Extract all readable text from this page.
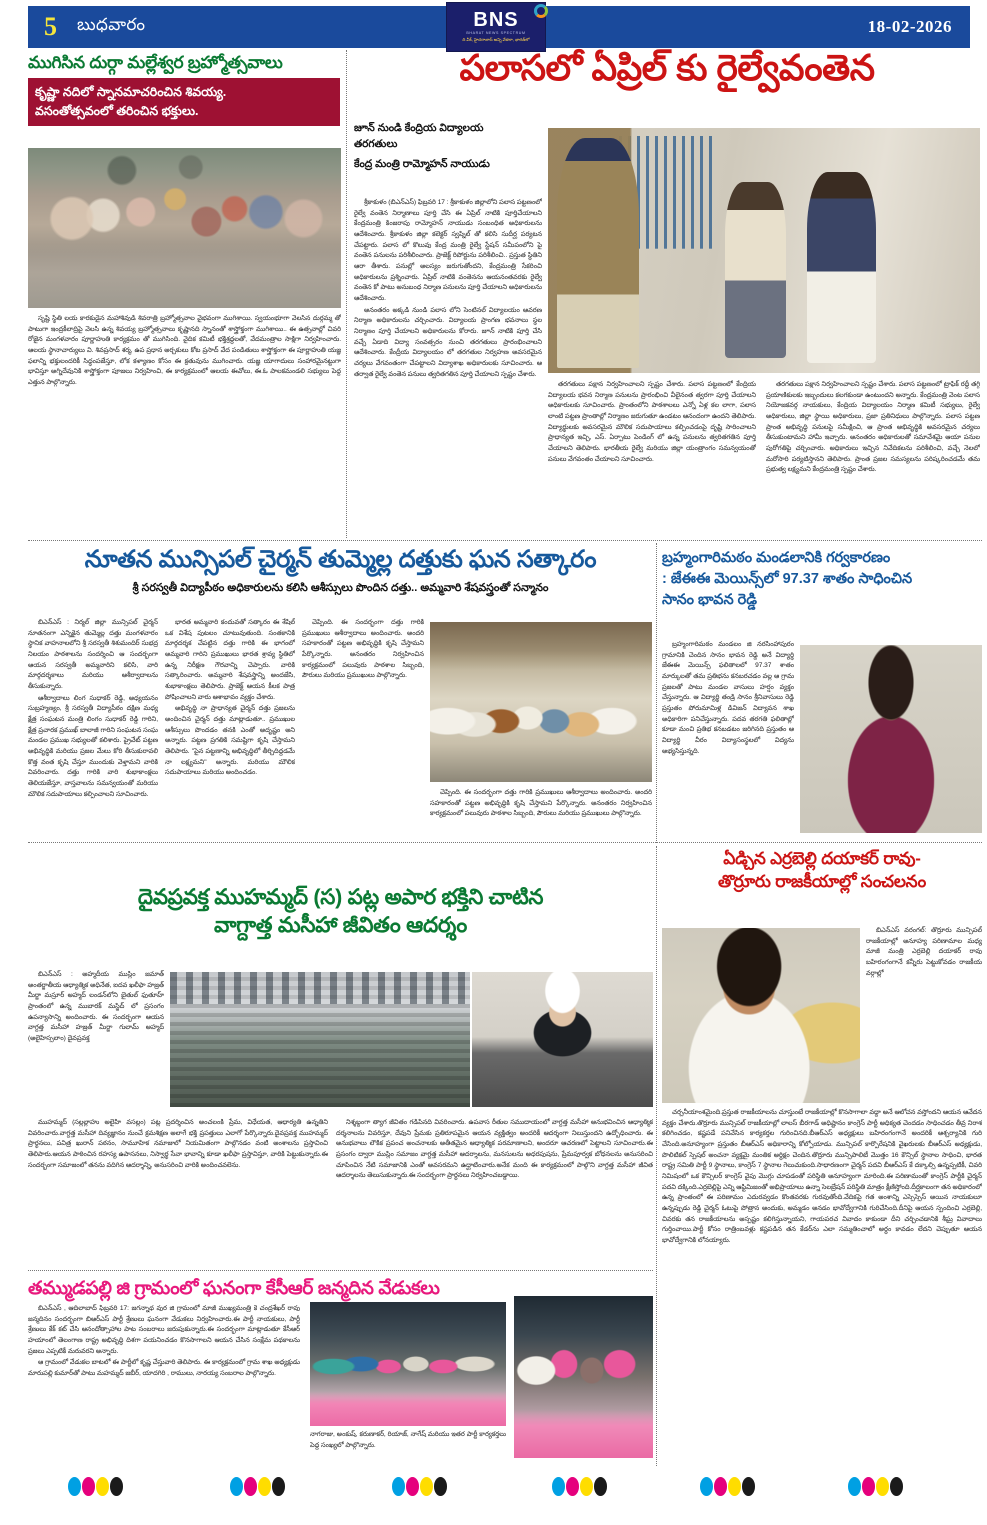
5 బుధవారం	BNS
BHARAT NEWS SPECTRUM
ది వీక్, హైదరాబాద్ అన్ని వేళలా, భారత్‌లో
18-02-2026
ముగిసిన దుర్గా మల్లేశ్వర బ్రహ్మోత్సవాలు
కృష్ణా నదిలో స్నానమాచరించిన శివయ్య.
వసంతోత్సవంలో తరించిన భక్తులు.

సృష్టి స్థితి లయ కారకుడైన మహాశివుడి శివరాత్రి బ్రహ్మోత్సవాల వైభవంగా ముగిశాయి. స్వయంభూగా వెలసిన దుర్గమ్మ తో పాటుగా ఇంద్రకీలాద్రిపై వెలసి ఉన్న శివయ్య బ్రహ్మోత్సవాలు కృష్ణానది స్నానంతో శాస్త్రోక్తంగా ముగిశాయి.. ఈ ఉత్సవాల్లో చివరి రోజైన మంగళవారం పూర్ణాహుతి కార్యక్రమం తో ముగిసింది. వైదిక కమిటీ భక్తిశ్రద్ధలతో, వేదమంత్రాల సాక్షిగా నిర్వహించారు. ఆలయ స్థానాచార్యులు వి. శివప్రసాద్ శర్మ, ఉప ప్రధాన అర్చకులు కోట ప్రసాద్ వేద పండితులు శాస్త్రోక్తంగా ఈ పూర్ణాహుతి యజ్ఞ ఫలాన్ని భక్తులందరికీ సిద్ధంపజేస్తూ, లోక కళ్యాణం కోసం ఈ క్రతువును ముగించారు. యజ్ఞ యాగాదులు సంహారమైనట్టుగా భావిస్తూ అగ్నిదేవునికి శాస్త్రోక్తంగా పూజలు నిర్వహించి, ఈ కార్యక్రమంలో ఆలయ ఈవోలు, ఈ.ఓ పాలకమండలి సభ్యులు పెద్ద ఎత్తున పాల్గొన్నారు.

పలాసలో ఏప్రిల్ కు రైల్వేవంతెన
జూన్ నుండి కేంద్రియ విద్యాలయ
తరగతులు
కేంద్ర మంత్రి రామ్మోహన్ నాయుడు

శ్రీకాకుళం (బిఎన్ఎస్) ఫిబ్రవరి 17 : శ్రీకాకుళం జిల్లాలోని పలాస పట్టణంలో రైల్వే వంతెన నిర్మాణాలు పూర్తి చేసి ఈ ఏప్రిల్ నాటికి పూర్తిచేయాలని కేంద్రమంత్రి కింజరాపు రామ్మోహన్ నాయుడు సంబంధిత అధికారులను ఆదేశించారు. శ్రీకాకుళం జిల్లా కలెక్టర్ స్వప్నిల్ తో కలిసి సుదీర్ఘ పర్యటన చేపట్టారు. పలాస లో కొలువు కేంద్ర మంత్రి రైల్వే స్టేషన్ సమీపంలోని పై వంతెన పనులను పరిశీలించారు. ప్రాజెక్ట్ రిపోర్టును పరిశీలించి.. ప్రస్తుత స్థితిని ఆరా తీశారు. పనుల్లో అలస్యం జరుగుతోందని, కేంద్రమంత్రి సేకరించి అధికారులను ప్రశ్నించారు. ఏప్రిల్ నాటికి వంతెనను ఆయనంతవరకు రైల్వే వంతెన కో పాటు అనుబంధ నిర్మాణ పనులను పూర్తి చేయాలని అధికారులను ఆదేశించారు.

అనంతరం అక్కడి నుండి పలాస లోని సెంటినల్ విద్యాలయం ఆవరణ నిర్మాణ అధికారులను చర్చించారు. విద్యాలయ ప్రాంగణ భవనాలు స్థల నిర్మాణం పూర్తి చేయాలని అధికారులను కోరారు. జూన్ నాటికి పూర్తి చేసి వచ్చే ఏడాది విద్యా సంవత్సరం నుంచి తరగతులు ప్రారంభించాలని ఆదేశించారు. కేంద్రీయ విద్యాలయం లో తరగతుల నిర్వహణ అవసరమైన చర్యలు వేగవంతంగా చేపట్టాలని విద్యాశాఖ అధికారులకు సూచించారు. ఆ తర్వాత రైల్వే వంతెన పనులు త్వరితగతిన పూర్తి చేయాలని స్పష్టం చేశారు.

తరగతులు పక్షాన నిర్వహించాలని స్పష్టం చేశారు. పలాస పట్టణంలో కేంద్రియ విద్యాలయ భవన నిర్మాణ పనులను ప్రారంభించి వీలైనంత త్వరగా పూర్తి చేయాలని అధికారులకు సూచించారు. ప్రాంతంలోని పాఠశాలలు ఎన్నో ఏళ్ల కల లాగా, పలాస లాంటి పట్టణ ప్రాంతాల్లో నిర్మాణం జరుగుతూ ఉండటం ఆనందంగా ఉందని తెలిపారు. విద్యార్థులకు అవసరమైన మౌలిక సదుపాయాలు కల్పించడంపై దృష్టి సారించాలని ప్రాధాన్యత ఇచ్చి, ఎస్. ఏర్పాటు పెండింగ్ లో ఉన్న పనులను త్వరితగతిన పూర్తి చేయాలని తెలిపారు. భారతీయ రైల్వే మరియు జిల్లా యంత్రాంగం సమన్వయంతో పనులు వేగవంతం చేయాలని సూచించారు.

తరగతులు పక్షాన నిర్వహించాలని స్పష్టం చేశారు. పలాస పట్టణంలో ట్రాఫిక్ రద్దీ తగ్గి ప్రయాణికులకు ఇబ్బందులు కలగకుండా ఉంటుందని అన్నారు. కేంద్రమంత్రి వెంట పలాస నియోజకవర్గ నాయకులు, కేంద్రియ విద్యాలయం నిర్మాణ కమిటీ సభ్యులు, రైల్వే అధికారులు, జిల్లా స్థాయి అధికారులు, ప్రజా ప్రతినిధులు పాల్గొన్నారు. పలాస పట్టణ ప్రాంత అభివృద్ధి పనులపై సమీక్షించి, ఆ ప్రాంత అభివృద్ధికి అవసరమైన చర్యలు తీసుకుంటామని హామీ ఇచ్చారు. అనంతరం అధికారులతో సమావేశమై ఆయా పనుల పురోగతిపై చర్చించారు. అధికారులు ఇచ్చిన నివేదికలను పరిశీలించి, వచ్చే నెలలో మరోసారి పర్యటిస్తానని తెలిపారు. ప్రాంత ప్రజల సమస్యలను పరిష్కరించడమే తమ ప్రభుత్వ లక్ష్యమని కేంద్రమంత్రి స్పష్టం చేశారు.

నూతన మున్సిపల్ చైర్మన్ తుమ్మెల్ల దత్తుకు ఘన సత్కారం
శ్రీ సరస్వతీ విద్యాపీఠం అధికారులను కలిసి ఆశీస్సులు పొందిన దత్తు.. అమ్మవారి శేషవస్త్రంతో సన్మానం

బిఎన్ఎస్ : నిర్మల్ జిల్లా మున్సిపల్ చైర్మన్ నూతనంగా ఎన్నికైన తుమ్మెల్ల దత్తు మంగళవారం స్థానిక వాహనాలలోని శ్రీ సరస్వతీ శిశుమందిర్ సుభద్ర నిలయం పాఠశాలను సందర్శించి ఆ సందర్భంగా ఆయన సరస్వతీ అమ్మవారిని కలిసి, వారి మార్గదర్శకాలు మరియు ఆశీర్వాదాలను తీసుకున్నారు.

ఆశీర్వాదాలు లింగ సుధాకర్ రెడ్డి, అధ్యయనం సుబ్రహ్మణ్యం, శ్రీ సరస్వతీ విద్యాపీఠం దక్షిణ మధ్య క్షేత్ర సంఘటన మంత్రి లింగం సుధాకర్ రెడ్డి గారిని, క్షేత్ర ప్రచారక ప్రముఖ్ బాలాజీ గారిని సంఘటన సంఘ మండల ప్రముఖ సభ్యులతో కలిశారు. ప్రైవేట్ పట్టణ అభివృద్ధికి మరియు ప్రజల మేలు కోరి తీసుకురావలి కొత్త వంత కృషి చేస్తూ ముందుకు వెళ్తామని వారికి వివరించారు. దత్తు గారికి వారి శుభాకాంక్షలు తెలియజేస్తూ, వాస్తవాలను సమన్వయంతో మరియు మౌలిక సదుపాయాలు కల్పించాలని సూచించారు.

భారత అమ్మవారి కందువతో సత్కారం ఈ శేషిల్ ఒక విశేష పుటలం చూటువుతుంది. సంతకానికి మార్గదర్శక చేపట్టిన దత్తు గారికి ఈ భాగంలో అమ్మవారి గారిని ప్రముఖులు భారత శ్రావ్య స్థితిలో ఉన్న నిరీక్షణ గౌరవాన్ని చెప్పారు. వారికి సత్కారించారు. అమ్మవారి శేషవస్త్రాన్ని అందజేసి, శుభాకాంక్షలు తెలిపారు. ప్రాజెక్ట్ ఆయన కీలక పాత్ర పోషించాలని వారు ఆశాభావం వ్యక్తం చేశారు.

అభివృద్ధి నా ప్రాధాన్యత చైర్మన్ దత్తు ప్రజలను అందించిన చైర్మన్ దత్తు మాట్లాడుతూ.. ప్రముఖుల ఆశీస్సులు పొందడం తనకి ఎంతో అదృష్టం అని అన్నారు. పట్టణ ప్రగతికి సమష్టిగా కృషి చేస్తామని తెలిపారు. "పైన పట్టణాన్ని అభివృద్ధిలో తీర్చిదిద్దడమే నా లక్ష్యమని" అన్నారు. మరియు మౌలిక సదుపాయాలు మరియు అందించడం.

చెప్పింది. ఈ సందర్భంగా దత్తు గారికి ప్రముఖులు ఆశీర్వాదాలు అందించారు. అందరి సహకారంతో పట్టణ అభివృద్ధికి కృషి చేస్తామని పేర్కొన్నారు. అనంతరం నిర్వహించిన కార్యక్రమంలో పలువురు పాఠశాల సిబ్బంది, పౌరులు మరియు ప్రముఖులు పాల్గొన్నారు.

చెప్పింది. ఈ సందర్భంగా దత్తు గారికి ప్రముఖులు ఆశీర్వాదాలు అందించారు. అందరి సహకారంతో పట్టణ అభివృద్ధికి కృషి చేస్తామని పేర్కొన్నారు. అనంతరం నిర్వహించిన కార్యక్రమంలో పలువురు పాఠశాల సిబ్బంది, పౌరులు మరియు ప్రముఖులు పాల్గొన్నారు.

బ్రహ్మంగారిమఠం మండలానికి గర్వకారణం
: జేఈఈ మెయిన్స్‌లో 97.37 శాతం సాధించిన
సానం భావన రెడ్డి

బ్రహ్మంగారిమఠం మండలం జి నరసింహాపురం గ్రామానికి చెందిన సానం భావన రెడ్డి అనే విద్యార్థి జేఈఈ మెయిన్స్ ఫలితాలలో 97.37 శాతం మార్కులతో తమ ప్రతిభను కనబరచడం వల్ల ఆ గ్రామ ప్రజలతో పాటు మండల వాసులు హర్షం వ్యక్తం చేస్తున్నారు. ఆ విద్యార్థి తండ్రి సానం శ్రీనివాసులు రెడ్డి ప్రస్తుతం పోరుమామిళ్ల డివిజన్ విద్యావన శాఖ అధికారిగా పనిచేస్తున్నారు. పదవ తరగతి ఫలితాల్లో కూడా మంచి ప్రతిభ కనబడటం జరిగినది ప్రస్తుతం ఆ విద్యార్థి వీరం విద్యాసంస్థలలో విద్యను అభ్యసిస్తున్నది.

దైవప్రవక్త ముహమ్మద్ (స) పట్ల అపార భక్తిని చాటిన
వాగ్దాత్త మసీహా జీవితం ఆదర్శం

బిఎన్ఎస్ : అహ్మదీయ ముస్లిం జమాత్ అంతర్జాతీయ ఆధ్యాత్మిక అధినేత, ఐదవ ఖలీఫా హజ్రత్ మీర్జా మస్రూర్ అహ్మద్ లండన్‌లోని బైతుల్ ఫుతూహ్ ప్రాంతంలో ఉన్న ముబారక్ మస్జిద్ లో ప్రసంగం ఉపన్యాసాన్ని అందించారు. ఈ సందర్భంగా ఆయన వాగ్దత్త మసీహా హజ్రత్ మీర్జా గులామ్ అహ్మద్ (అలైహిస్సలాం) దైవప్రవక్త

ముహమ్మద్ (సల్లల్లాహు అలైహి వసల్లం) పట్ల ప్రదర్శించిన అంచలంకి ప్రేమ, విధేయత, ఆధార్యతి ఉన్నతిని వివరించారు.వాగ్దత్త మసీహా దివ్యజ్ఞానం నుంచే క్రమశిక్షణ అలాగే భక్తి ప్రపత్తులు ఎలాగో పేర్కొన్నారు.దైవప్రవక్త ముహమ్మద్ ప్రార్థనలు, పవిత్ర ఖురాన్ పఠనం, సామూహిక నమాజులో నియమితంగా పాల్గొనడం వంటి అంశాలను ప్రస్తావించి తెలిపారు.ఆయన పాఠించిన రహస్య ఉపాసనలు, నిస్వార్థ సేవా భావాన్ని కూడా ఖలీఫా ప్రస్తావిస్తూ, వారికి పెట్టుకున్నారు.ఈ సందర్భంగా సమాజంలో తనను వదిగిన ఆదర్శాన్ని, అనుసరించి వారికి అందించవలెను.

నిశ్శబ్దంగా త్యాగ జీవితం గడిపినది వివరించారు. ఉపవాస రీతుల సముదాయంలో వాగ్దత్త మసీహా అనుభవించిన ఆధ్యాత్మిక దర్శనాలను వివరిస్తూ, దేవుని ప్రేమకు ప్రతిరూపమైన ఆయన వ్యక్తిత్వం అందరికీ ఆదర్శంగా నిలుస్తుందని ఉద్బోధించారు. ఈ అనుభవాలు లౌకిక ప్రపంచ అంచనాలకు అతీతమైన ఆధ్యాత్మిక పరమాణాలని, అందరూ ఆచరణలో పెట్టాలని సూచించారు.ఈ ప్రసంగం ద్వారా ముస్లిం సమాజం వాగ్దత్త మసీహా ఆదర్శాలను, మనసులను అధరపుషను, ప్రేమపూర్వక బోధనలను అనుసరించి చూపించిన నేటి సమాజానికి ఎంతో అవసరమని ఉద్ఘాటించారు.అనేక మంది ఈ కార్యక్రమంలో పాల్గొని వాగ్దత్త మసీహా జీవిత ఆదర్శాలను తెలుసుకున్నారు.ఈ సందర్భంగా ప్రార్థనలు నిర్వహించబడ్డాయి.

ఏడ్చిన ఎర్రబెల్లి దయాకర్ రావు-
తొర్రూరు రాజకీయాల్లో సంచలనం

బిఎన్ఎస్ వరంగల్: తొర్రూరు మున్సిపల్ రాజకీయాల్లో అనూహ్య పరిణామాల మధ్య మాజీ మంత్రి ఎర్రబెల్లి దయాకర్ రావు బహిరంగంగానే కన్నీరు పెట్టుకోవడం రాజకీయ వర్గాల్లో

చర్చనీయాంశమైంది.ప్రస్తుత రాజకీయాలను చూస్తుంటే రాజకీయాల్లో కొనసాగాలా వద్దా అనే ఆలోచన వస్తోందని ఆయన ఆవేదన వ్యక్తం చేశారు.తొర్రూరు మున్సిపల్ రాజకీయాల్లో లాలస్ బీరగాడ్ అధిష్టానం కాంగ్రెస్ పార్టీ అధిక్యత చెందడం సాధించడం తీవ్ర నిరాశ కలిగించడం, కష్టపడే పనివేసిన కార్యకర్తల గురించినది.బీఆర్ఎస్ అధ్యక్షులు బహిరంగంగానే అందరికీ ఆశ్చర్యానికి గురి చేసింది.అనూహ్యంగా ప్రస్తుతం బీఆర్ఎస్ అధికారాన్ని కోల్పోయాడు. మున్సిపల్ కార్పొరేషనికి వైఖరులకు బీఆర్ఎస్ అధ్యక్షుడు, పొలిటికల్ స్పెషల్ అంచనా వ్యక్తమై మంతిక అర్థిక్షం చెందిన.తొర్రూరు మున్సిపాలిటీ మొత్తం 16 కౌన్సిల్ స్థానాల సాధించి, భారత రాష్ట్ర సమితి పార్టీ 9 స్థానాలు, కాంగ్రెస్ 7 స్థానాల గెలుచుకుంది.సాధారణంగా చైర్మన్ పదవి బీఆర్ఎస్ కే దక్కాల్సి ఉన్నప్పటికీ, చివరి నిమిషంలో ఒక కౌన్సిలర్ కాంగ్రెస్ వైపు మొగ్గు చూపడంతో పరిస్థితి అనూహ్యంగా మారింది.ఈ పరిణామంతో కాంగ్రెస్ పార్టీకి చైర్మన్ పదవి దక్కింది.ఎర్రబెల్లిపై ఎన్ని ఆప్టిమిజంతో అభిప్రాయాలు ఉన్నా సెలబ్రేషన్ పరిస్థితి మాత్రం క్షీణిస్తోంది.దీర్ఘకాలంగా తన అధికారంలో ఉన్న ప్రాంతంలో ఈ పరిణామం ఎదురవ్వడం కొంతవరకు గురవుతోంది.వేదికపై గత అంశాన్ని ఎస్సెస్సెస్ అయిన నాయకులూ ఉన్నప్పుడు రెడ్డి చైర్మన్ ఓటుపై పోత్రాన అందుకు, అమ్మడం అనడం భావోద్వేగానికి గురిచేసింది.దీనిపై ఆయన స్పందించి ఎర్రబెల్లి, చివరకు తన రాజకీయాలను అస్పష్టం కలిగిస్తున్నాయని, గాయపరచ వివాదం కాకుండా దీని చర్చించడానికి శీఘ్ర వివాదాలు గుర్తించాయి.పార్టీ కోసం రాత్రింబవళ్లు కష్టపడిన తన కేడర్‌ను ఎలా సమ్మతించాలో అర్థం కావడం లేదని చెప్పుతూ ఆయన భావోద్వేగానికి లోనయ్యారు.

తమ్ముడపల్లి జి గ్రామంలో ఘనంగా కేసీఆర్ జన్మదిన వేడుకలు

బిఎన్ఎస్ , ఆదిలాబాద్ ఫిబ్రవరి 17: జగన్నాథ వుర జి గ్రామంలో మాజీ ముఖ్యమంత్రి కె చంద్రశేఖర్ రావు జన్మదినం సందర్భంగా బిఆర్ఎస్ పార్టీ శ్రేణులు ఘనంగా వేడుకలు నిర్వహించారు.ఈ పార్టీ నాయకులు, పార్టీ శ్రేణులు కేక్ కట్ చేసి ఆనందోత్సాహాల పాట సంబరాలు జరుపుకున్నారు.ఈ సందర్భంగా మాట్లాడుతూ కేసీఆర్ హయాంలో తెలంగాణ రాష్ట్ర అభివృద్ధి దిశగా పయనించడం కొనసాగాలని ఆయన చేసిన సంక్షేమ పథకాలను ప్రజలు ఎప్పటికీ మరువరని అన్నారు.

ఆ గ్రామంలో వేడుకల బాటలో ఈ పార్టీలో కృష్ణ చేస్తువారి తెలిపారు. ఈ కార్యక్రమంలో గ్రామ శాఖ అధ్యక్షుడు మారుపల్లి కుమార్‌తో పాటు మహమ్మద్ జబీర్, యాదగిరి , రాములు, నారయ్య సంబరాల పాల్గొన్నారు.

నాగరాజు, అంకుష్, కరుణాకర్, రియాజ్, నాగేష్ మరియు ఇతర పార్టీ కార్యకర్తలు పెద్ద సంఖ్యలో పాల్గొన్నారు.
